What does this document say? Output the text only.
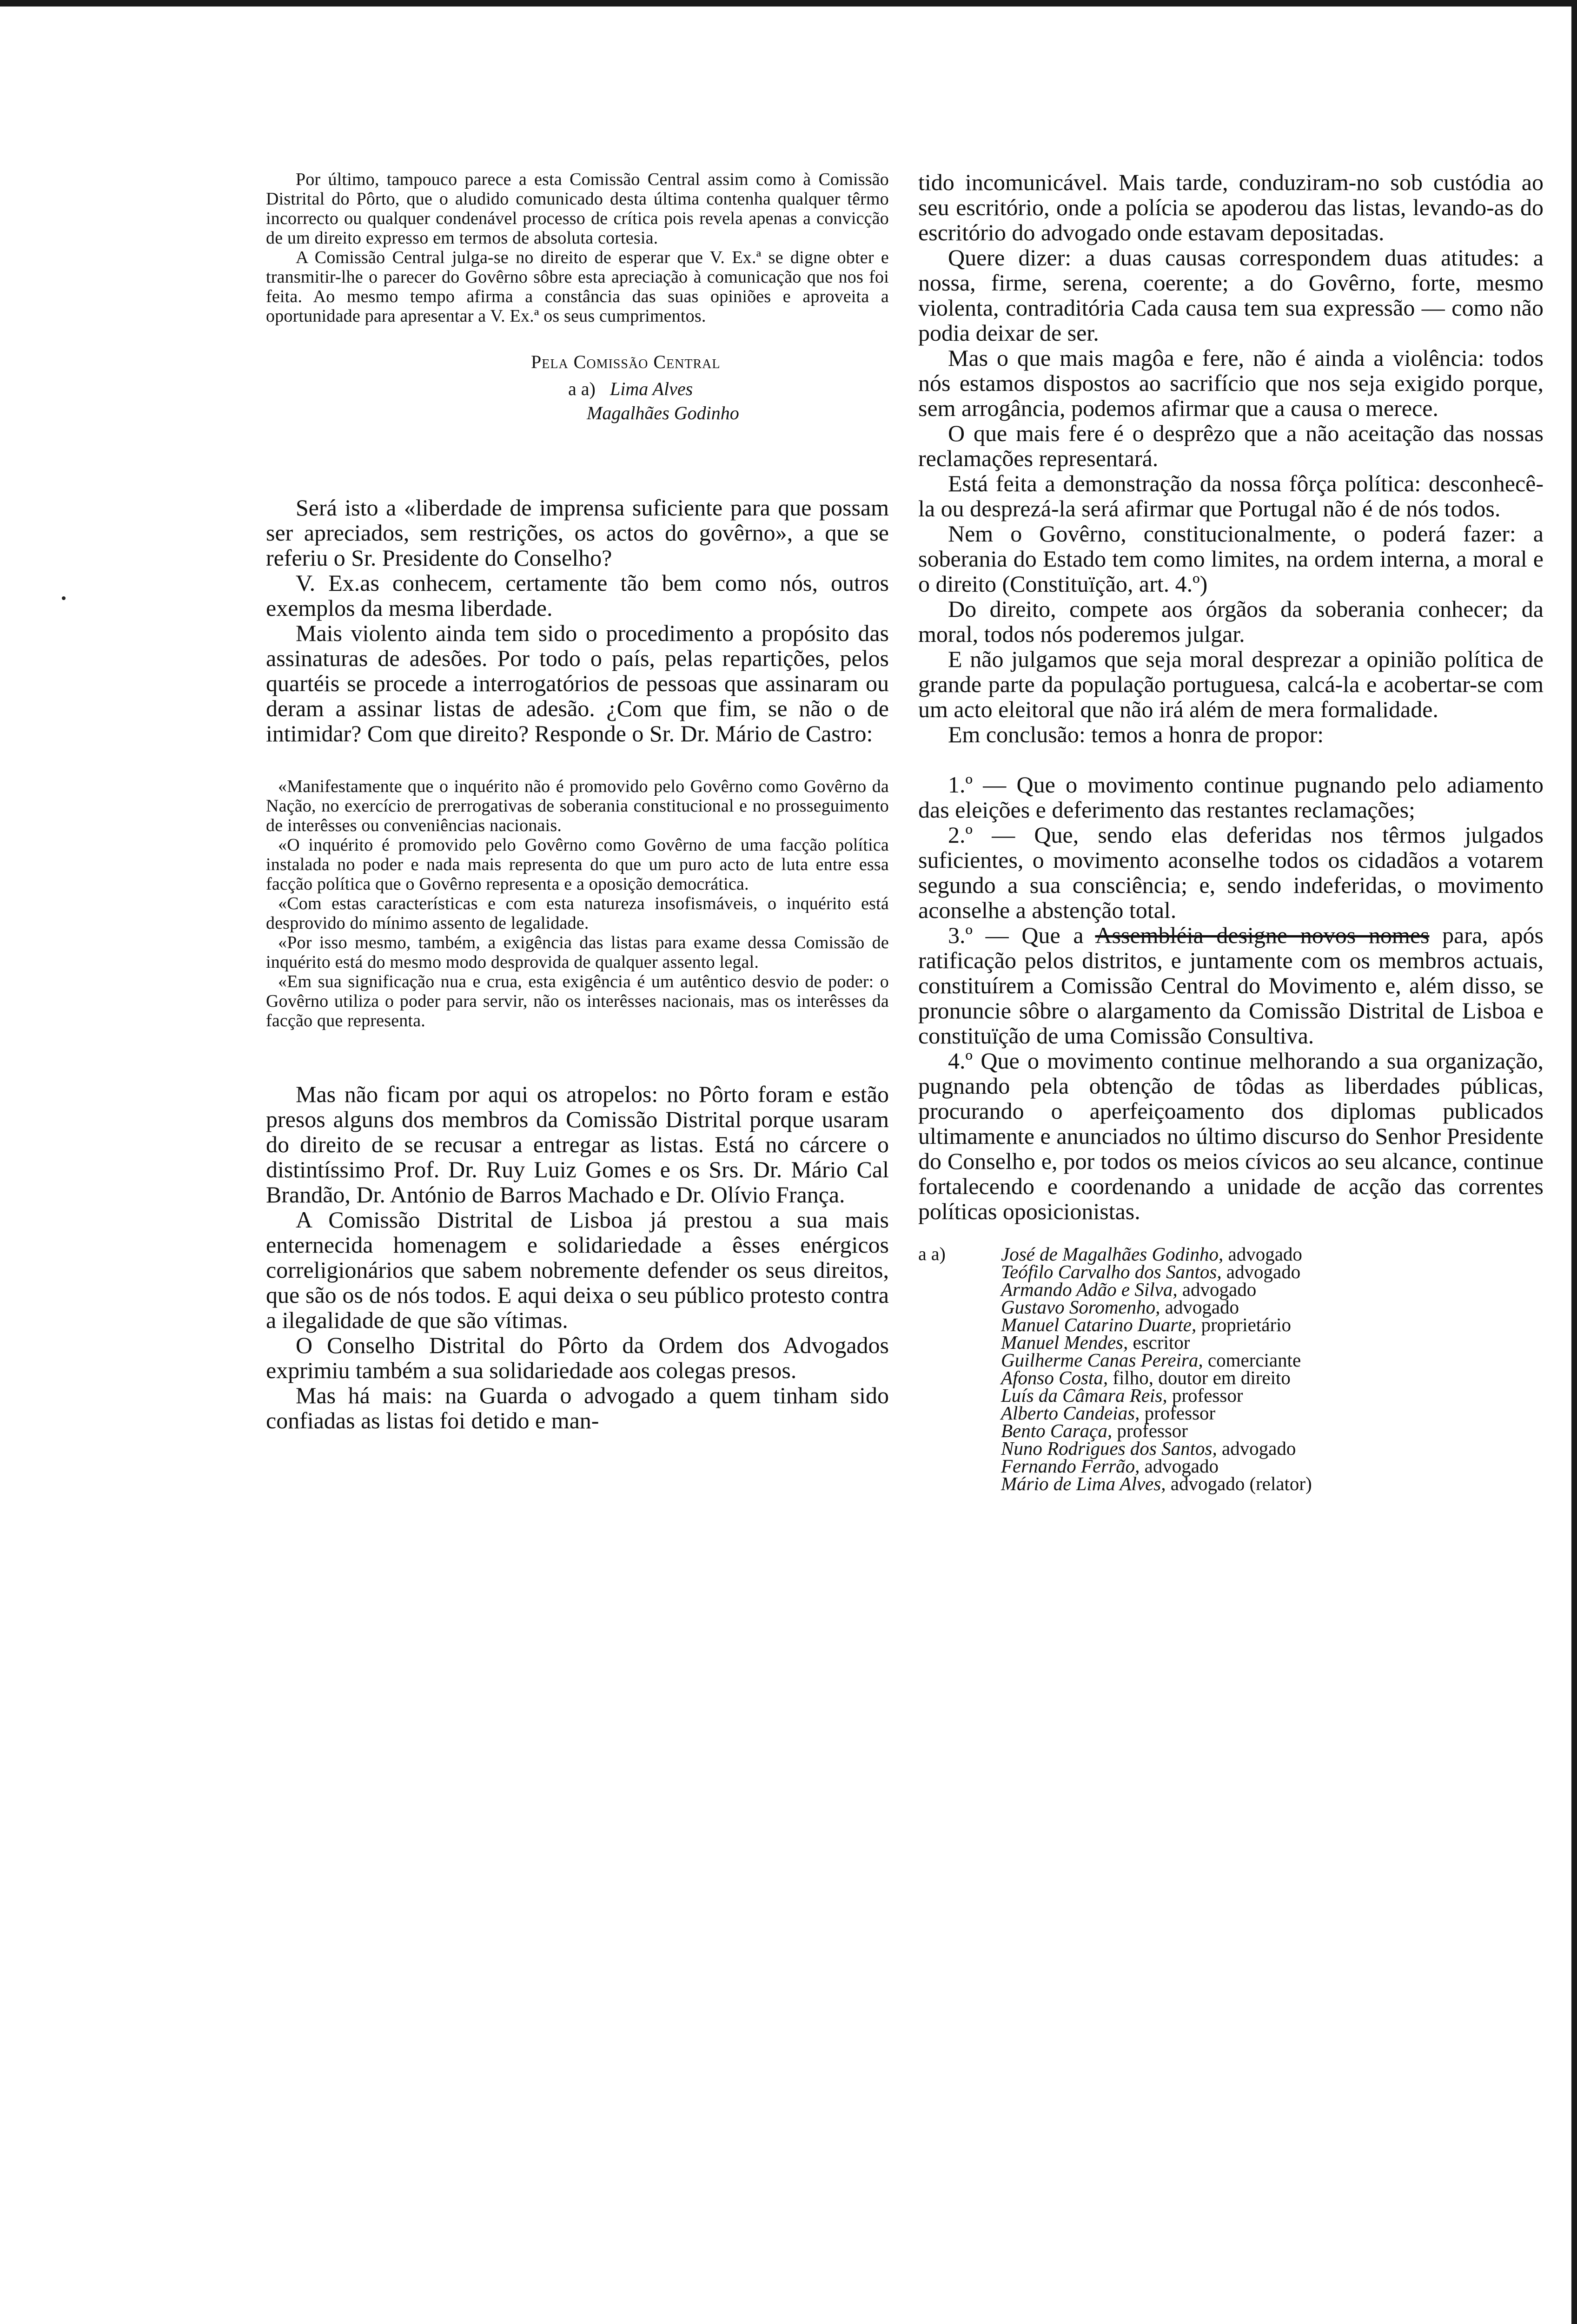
Por último, tampouco parece a esta Comissão Central assim como à Comissão Distrital do Pôrto, que o aludido comunicado desta última contenha qualquer têrmo incorrecto ou qualquer condenável processo de crítica pois revela apenas a convicção de um direito expresso em termos de absoluta cortesia.

A Comissão Central julga-se no direito de esperar que V. Ex.ª se digne obter e transmitir-lhe o parecer do Govêrno sôbre esta apreciação à comunicação que nos foi feita. Ao mesmo tempo afirma a constância das suas opiniões e aproveita a oportunidade para apresentar a V. Ex.ª os seus cumprimentos.

Pela Comissão Central
a a) Lima Alves
Magalhães Godinho

Será isto a «liberdade de imprensa suficiente para que possam ser apreciados, sem restrições, os actos do govêrno», a que se referiu o Sr. Presidente do Conselho?

V. Ex.as conhecem, certamente tão bem como nós, outros exemplos da mesma liberdade.

Mais violento ainda tem sido o procedimento a propósito das assinaturas de adesões. Por todo o país, pelas repartições, pelos quartéis se procede a interrogatórios de pessoas que assinaram ou deram a assinar listas de adesão. ¿Com que fim, se não o de intimidar? Com que direito? Responde o Sr. Dr. Mário de Castro:

«Manifestamente que o inquérito não é promovido pelo Govêrno como Govêrno da Nação, no exercício de prerrogativas de soberania constitucional e no prosseguimento de interêsses ou conveniências nacionais.

«O inquérito é promovido pelo Govêrno como Govêrno de uma facção política instalada no poder e nada mais representa do que um puro acto de luta entre essa facção política que o Govêrno representa e a oposição democrática.

«Com estas características e com esta natureza insofismáveis, o inquérito está desprovido do mínimo assento de legalidade.

«Por isso mesmo, também, a exigência das listas para exame dessa Comissão de inquérito está do mesmo modo desprovida de qualquer assento legal.

«Em sua significação nua e crua, esta exigência é um autêntico desvio de poder: o Govêrno utiliza o poder para servir, não os interêsses nacionais, mas os interêsses da facção que representa.

Mas não ficam por aqui os atropelos: no Pôrto foram e estão presos alguns dos membros da Comissão Distrital porque usaram do direito de se recusar a entregar as listas. Está no cárcere o distintíssimo Prof. Dr. Ruy Luiz Gomes e os Srs. Dr. Mário Cal Brandão, Dr. António de Barros Machado e Dr. Olívio França.

A Comissão Distrital de Lisboa já prestou a sua mais enternecida homenagem e solidariedade a êsses enérgicos correligionários que sabem nobremente defender os seus direitos, que são os de nós todos. E aqui deixa o seu público protesto contra a ilegalidade de que são vítimas.

O Conselho Distrital do Pôrto da Ordem dos Advogados exprimiu também a sua solidariedade aos colegas presos.

Mas há mais: na Guarda o advogado a quem tinham sido confiadas as listas foi detido e man-

tido incomunicável. Mais tarde, conduziram-no sob custódia ao seu escritório, onde a polícia se apoderou das listas, levando-as do escritório do advogado onde estavam depositadas.

Quere dizer: a duas causas correspondem duas atitudes: a nossa, firme, serena, coerente; a do Govêrno, forte, mesmo violenta, contraditória Cada causa tem sua expressão — como não podia deixar de ser.

Mas o que mais magôa e fere, não é ainda a violência: todos nós estamos dispostos ao sacrifício que nos seja exigido porque, sem arrogância, podemos afirmar que a causa o merece.

O que mais fere é o desprêzo que a não aceitação das nossas reclamações representará.

Está feita a demonstração da nossa fôrça política: desconhecê-la ou desprezá-la será afirmar que Portugal não é de nós todos.

Nem o Govêrno, constitucionalmente, o poderá fazer: a soberania do Estado tem como limites, na ordem interna, a moral e o direito (Constituïção, art. 4.º)

Do direito, compete aos órgãos da soberania conhecer; da moral, todos nós poderemos julgar.

E não julgamos que seja moral desprezar a opinião política de grande parte da população portuguesa, calcá-la e acobertar-se com um acto eleitoral que não irá além de mera formalidade.

Em conclusão: temos a honra de propor:

1.º — Que o movimento continue pugnando pelo adiamento das eleições e deferimento das restantes reclamações;

2.º — Que, sendo elas deferidas nos têrmos julgados suficientes, o movimento aconselhe todos os cidadãos a votarem segundo a sua consciência; e, sendo indeferidas, o movimento aconselhe a abstenção total.

3.º — Que a Assembléia designe novos nomes para, após ratificação pelos distritos, e juntamente com os membros actuais, constituírem a Comissão Central do Movimento e, além disso, se pronuncie sôbre o alargamento da Comissão Distrital de Lisboa e constituïção de uma Comissão Consultiva.

4.º Que o movimento continue melhorando a sua organização, pugnando pela obtenção de tôdas as liberdades públicas, procurando o aperfeiçoamento dos diplomas publicados ultimamente e anunciados no último discurso do Senhor Presidente do Conselho e, por todos os meios cívicos ao seu alcance, continue fortalecendo e coordenando a unidade de acção das correntes políticas oposicionistas.

a a)	José de Magalhães Godinho, advogado
Teófilo Carvalho dos Santos, advogado
Armando Adão e Silva, advogado
Gustavo Soromenho, advogado
Manuel Catarino Duarte, proprietário
Manuel Mendes, escritor
Guilherme Canas Pereira, comerciante
Afonso Costa, filho, doutor em direito
Luís da Câmara Reis, professor
Alberto Candeias, professor
Bento Caraça, professor
Nuno Rodrigues dos Santos, advogado
Fernando Ferrão, advogado
Mário de Lima Alves, advogado (relator)
